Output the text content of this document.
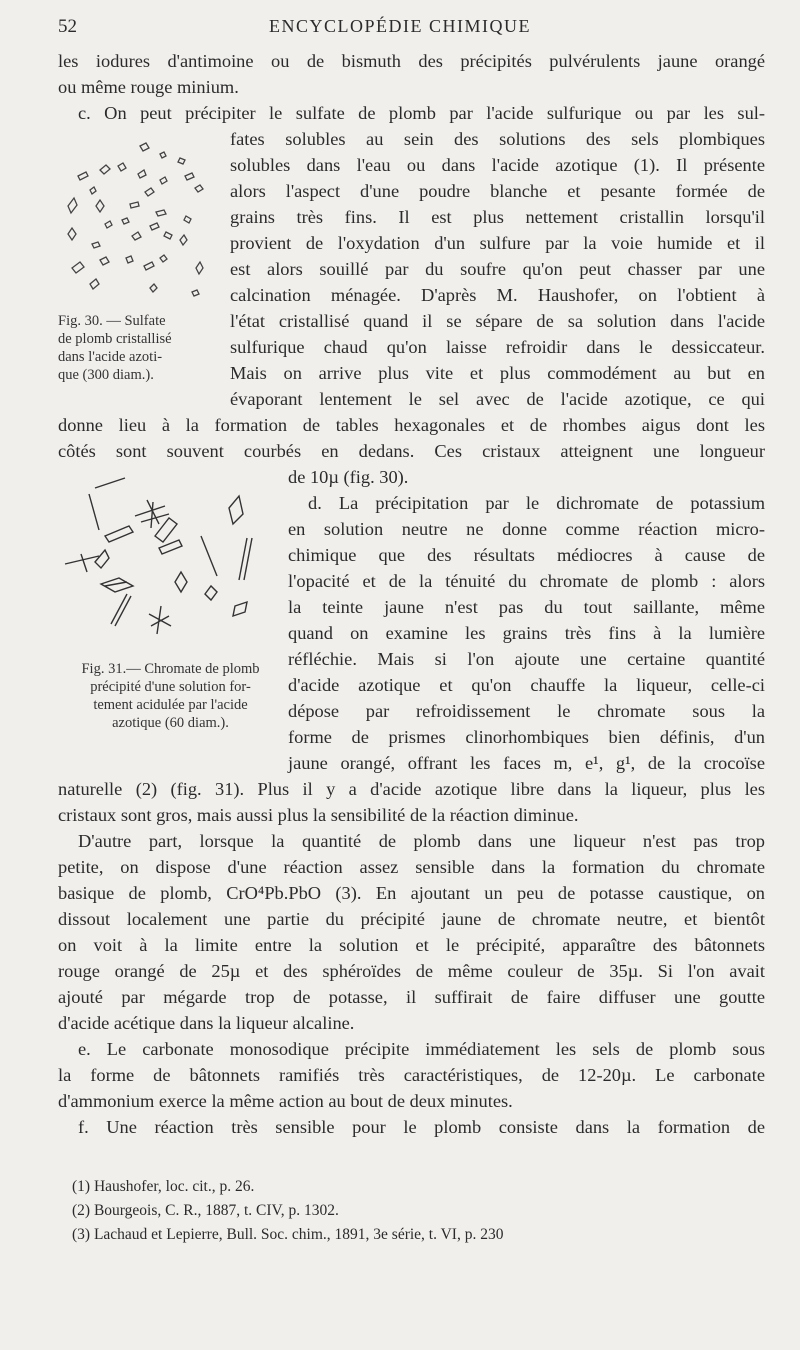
52	ENCYCLOPÉDIE CHIMIQUE
les iodures d'antimoine ou de bismuth des précipités pulvérulents jaune orangé
ou même rouge minium.
c. On peut précipiter le sulfate de plomb par l'acide sulfurique ou par les sul-
fates solubles au sein des solutions des sels plombiques
solubles dans l'eau ou dans l'acide azotique (1). Il présente
alors l'aspect d'une poudre blanche et pesante formée de
grains très fins. Il est plus nettement cristallin lorsqu'il
provient de l'oxydation d'un sulfure par la voie humide et il
est alors souillé par du soufre qu'on peut chasser par une
calcination ménagée. D'après M. Haushofer, on l'obtient à
l'état cristallisé quand il se sépare de sa solution dans l'acide
sulfurique chaud qu'on laisse refroidir dans le dessiccateur.
Mais on arrive plus vite et plus commodément au but en
évaporant lentement le sel avec de l'acide azotique, ce qui
donne lieu à la formation de tables hexagonales et de rhombes aigus dont les
côtés sont souvent courbés en dedans. Ces cristaux atteignent une longueur
de 10µ (fig. 30).
d. La précipitation par le dichromate de potassium
en solution neutre ne donne comme réaction micro-
chimique que des résultats médiocres à cause de
l'opacité et de la ténuité du chromate de plomb : alors
la teinte jaune n'est pas du tout saillante, même
quand on examine les grains très fins à la lumière
réfléchie. Mais si l'on ajoute une certaine quantité
d'acide azotique et qu'on chauffe la liqueur, celle-ci
dépose par refroidissement le chromate sous la
forme de prismes clinorhombiques bien définis, d'un
jaune orangé, offrant les faces m, e¹, g¹, de la crocoïse
naturelle (2) (fig. 31). Plus il y a d'acide azotique libre dans la liqueur, plus les
cristaux sont gros, mais aussi plus la sensibilité de la réaction diminue.
D'autre part, lorsque la quantité de plomb dans une liqueur n'est pas trop
petite, on dispose d'une réaction assez sensible dans la formation du chromate
basique de plomb, CrO⁴Pb.PbO (3). En ajoutant un peu de potasse caustique, on
dissout localement une partie du précipité jaune de chromate neutre, et bientôt
on voit à la limite entre la solution et le précipité, apparaître des bâtonnets
rouge orangé de 25µ et des sphéroïdes de même couleur de 35µ. Si l'on avait
ajouté par mégarde trop de potasse, il suffirait de faire diffuser une goutte
d'acide acétique dans la liqueur alcaline.
e. Le carbonate monosodique précipite immédiatement les sels de plomb sous
la forme de bâtonnets ramifiés très caractéristiques, de 12-20µ. Le carbonate
d'ammonium exerce la même action au bout de deux minutes.
f. Une réaction très sensible pour le plomb consiste dans la formation de
Fig. 30. — Sulfate
de plomb cristallisé
dans l'acide azoti-
que (300 diam.).
Fig. 31.— Chromate de plomb
précipité d'une solution for-
tement acidulée par l'acide
azotique (60 diam.).
(1) Haushofer, loc. cit., p. 26.
(2) Bourgeois, C. R., 1887, t. CIV, p. 1302.
(3) Lachaud et Lepierre, Bull. Soc. chim., 1891, 3e série, t. VI, p. 230
